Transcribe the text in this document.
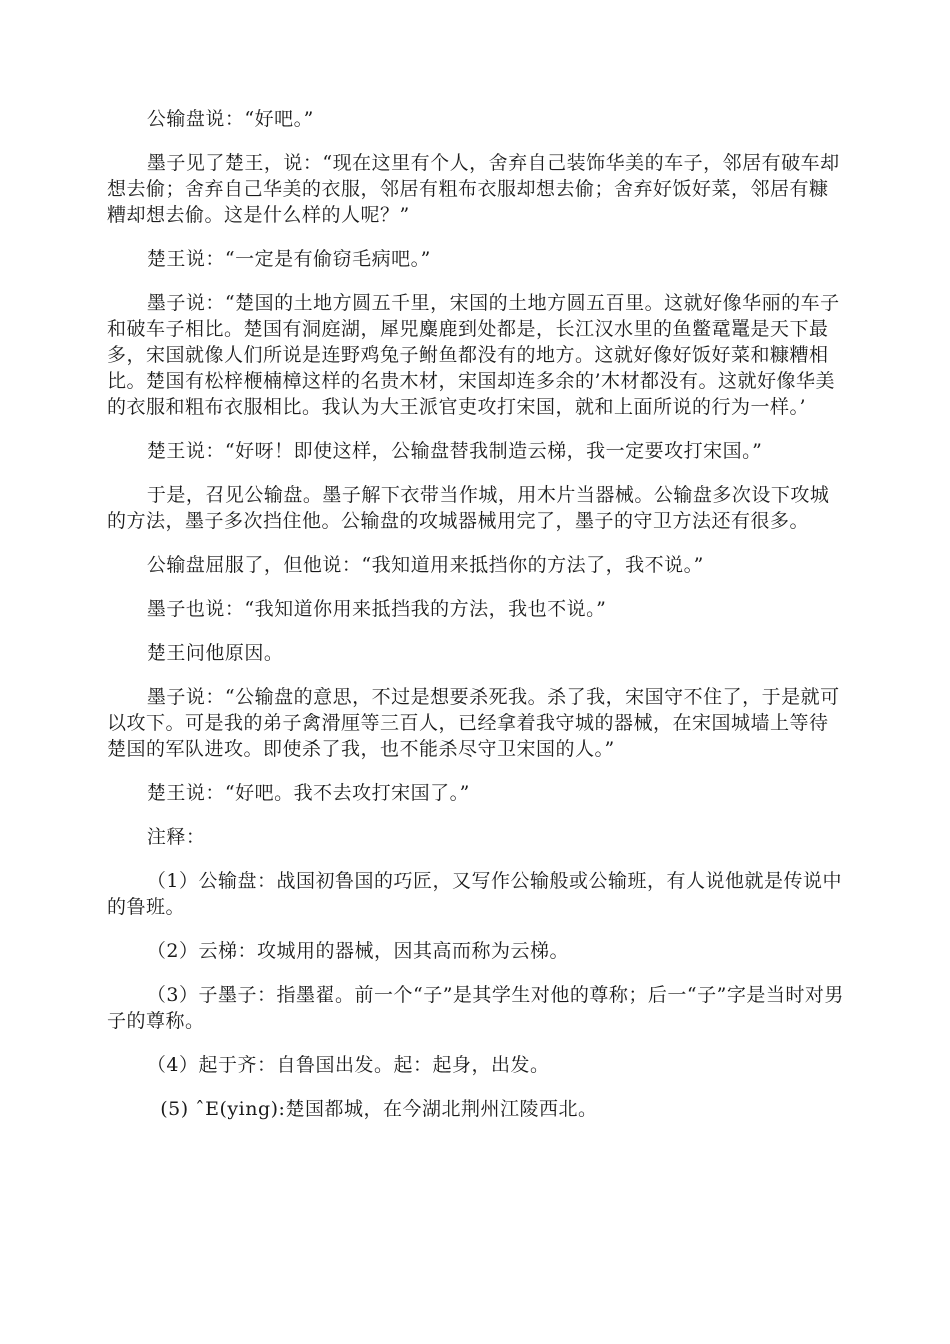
公输盘说：“好吧。”

墨子见了楚王，说：“现在这里有个人，舍弃自己装饰华美的车子，邻居有破车却想去偷；舍弃自己华美的衣服，邻居有粗布衣服却想去偷；舍弃好饭好菜，邻居有糠糟却想去偷。这是什么样的人呢？”

楚王说：“一定是有偷窃毛病吧。”

墨子说：“楚国的土地方圆五千里，宋国的土地方圆五百里。这就好像华丽的车子和破车子相比。楚国有洞庭湖，犀兕麋鹿到处都是，长江汉水里的鱼鳖鼋鼍是天下最多，宋国就像人们所说是连野鸡兔子鲋鱼都没有的地方。这就好像好饭好菜和糠糟相比。楚国有松梓楩楠樟这样的名贵木材，宋国却连多余的’木材都没有。这就好像华美的衣服和粗布衣服相比。我认为大王派官吏攻打宋国，就和上面所说的行为一样。’

楚王说：“好呀！即使这样，公输盘替我制造云梯，我一定要攻打宋国。”

于是，召见公输盘。墨子解下衣带当作城，用木片当器械。公输盘多次设下攻城的方法，墨子多次挡住他。公输盘的攻城器械用完了，墨子的守卫方法还有很多。

公输盘屈服了，但他说：“我知道用来抵挡你的方法了，我不说。”

墨子也说：“我知道你用来抵挡我的方法，我也不说。”

楚王问他原因。

墨子说：“公输盘的意思，不过是想要杀死我。杀了我，宋国守不住了，于是就可以攻下。可是我的弟子禽滑厘等三百人，已经拿着我守城的器械，在宋国城墙上等待楚国的军队进攻。即使杀了我，也不能杀尽守卫宋国的人。”

楚王说：“好吧。我不去攻打宋国了。”

注释：

（1）公输盘：战国初鲁国的巧匠，又写作公输般或公输班，有人说他就是传说中的鲁班。

（2）云梯：攻城用的器械，因其高而称为云梯。

（3）子墨子：指墨翟。前一个“子”是其学生对他的尊称；后一“子”字是当时对男子的尊称。

（4）起于齐：自鲁国出发。起：起身，出发。

(5) ˆE(ying):楚国都城，在今湖北荆州江陵西北。
